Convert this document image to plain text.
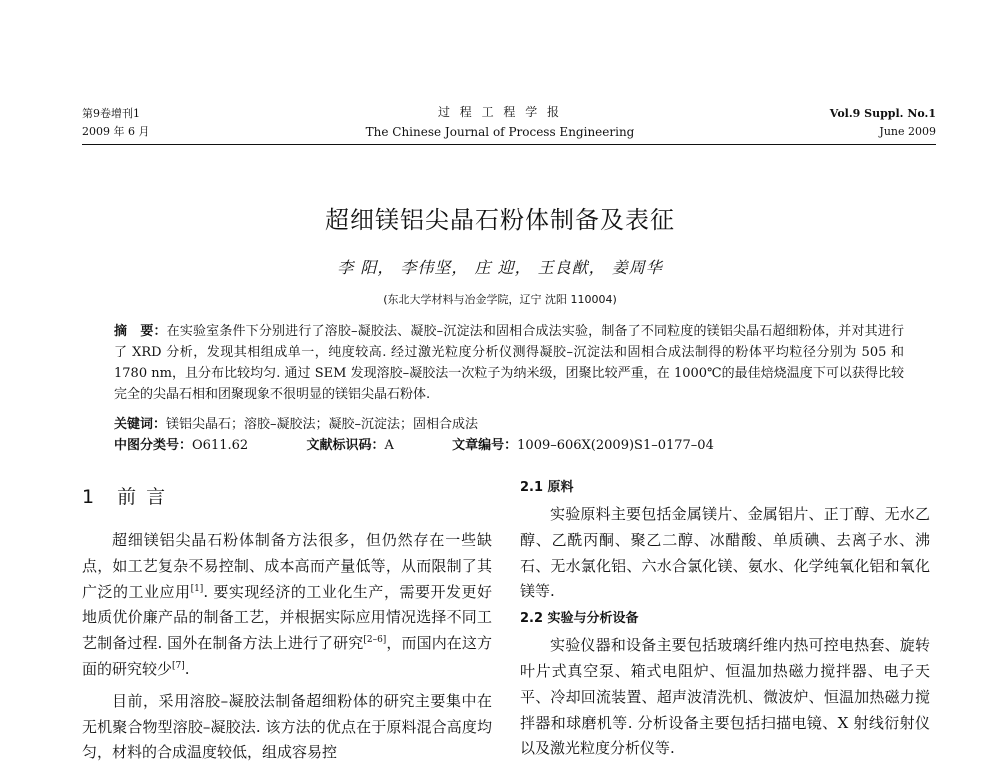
第9卷增刊1
2009 年 6 月
过 程 工 程 学 报
The Chinese Journal of Process Engineering
Vol.9 Suppl. No.1
June 2009
超细镁铝尖晶石粉体制备及表征
李 阳， 李伟坚， 庄 迎， 王良猷， 姜周华
(东北大学材料与冶金学院，辽宁 沈阳 110004)
摘　要：在实验室条件下分别进行了溶胶–凝胶法、凝胶–沉淀法和固相合成法实验，制备了不同粒度的镁铝尖晶石超细粉体，并对其进行了 XRD 分析，发现其相组成单一，纯度较高. 经过激光粒度分析仪测得凝胶–沉淀法和固相合成法制得的粉体平均粒径分别为 505 和 1780 nm，且分布比较均匀. 通过 SEM 发现溶胶–凝胶法一次粒子为纳米级，团聚比较严重，在 1000℃的最佳焙烧温度下可以获得比较完全的尖晶石相和团聚现象不很明显的镁铝尖晶石粉体.
关键词：镁铝尖晶石；溶胶–凝胶法；凝胶–沉淀法；固相合成法
中图分类号：O611.62	文献标识码：A	文章编号：1009–606X(2009)S1–0177–04
1　前 言

超细镁铝尖晶石粉体制备方法很多，但仍然存在一些缺点，如工艺复杂不易控制、成本高而产量低等，从而限制了其广泛的工业应用[1]. 要实现经济的工业化生产，需要开发更好地质优价廉产品的制备工艺，并根据实际应用情况选择不同工艺制备过程. 国外在制备方法上进行了研究[2–6]，而国内在这方面的研究较少[7].

目前，采用溶胶–凝胶法制备超细粉体的研究主要集中在无机聚合物型溶胶–凝胶法. 该方法的优点在于原料混合高度均匀，材料的合成温度较低，组成容易控

2.1 原料

实验原料主要包括金属镁片、金属铝片、正丁醇、无水乙醇、乙酰丙酮、聚乙二醇、冰醋酸、单质碘、去离子水、沸石、无水氯化铝、六水合氯化镁、氨水、化学纯氧化铝和氧化镁等.

2.2 实验与分析设备

实验仪器和设备主要包括玻璃纤维内热可控电热套、旋转叶片式真空泵、箱式电阻炉、恒温加热磁力搅拌器、电子天平、冷却回流装置、超声波清洗机、微波炉、恒温加热磁力搅拌器和球磨机等. 分析设备主要包括扫描电镜、X 射线衍射仪以及激光粒度分析仪等.
